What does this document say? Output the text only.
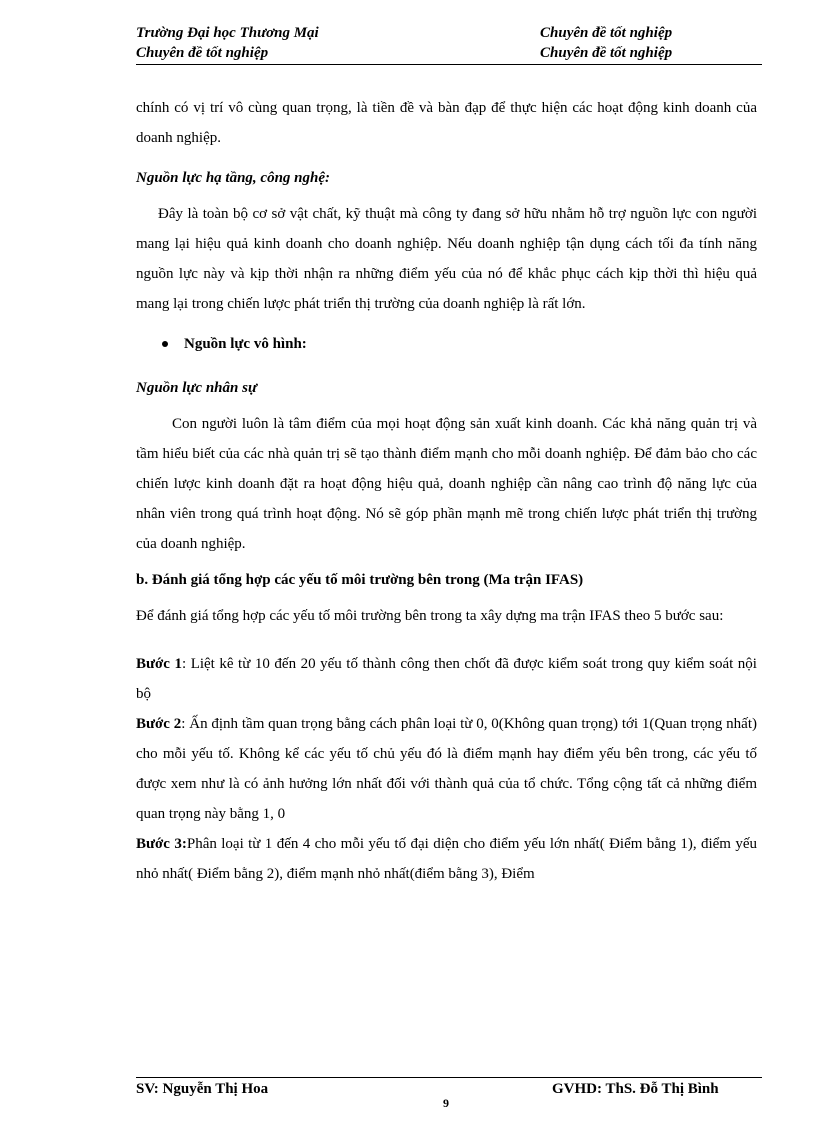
Trường Đại học Thương Mại	Chuyên đề tốt nghiệp
Chuyên đề tốt nghiệp	Chuyên đề tốt nghiệp

chính có vị trí vô cùng quan trọng, là tiền đề và bàn đạp để thực hiện các hoạt động kinh doanh của doanh nghiệp.

Nguồn lực hạ tầng, công nghệ:

Đây là toàn bộ cơ sở vật chất, kỹ thuật mà công ty đang sở hữu nhằm hỗ trợ nguồn lực con người mang lại hiệu quả kinh doanh cho doanh nghiệp. Nếu doanh nghiệp tận dụng cách tối đa tính năng nguồn lực này và kịp thời nhận ra những điểm yếu của nó để khắc phục cách kịp thời thì hiệu quả mang lại trong chiến lược phát triển thị trường của doanh nghiệp là rất lớn.

Nguồn lực vô hình:

Nguồn lực nhân sự

Con người luôn là tâm điểm của mọi hoạt động sản xuất kinh doanh. Các khả năng quản trị và tầm hiểu biết của các nhà quản trị sẽ tạo thành điểm mạnh cho mỗi doanh nghiệp. Để đảm bảo cho các chiến lược kinh doanh đặt ra hoạt động hiệu quả, doanh nghiệp cần nâng cao trình độ năng lực của nhân viên trong quá trình hoạt động. Nó sẽ góp phần mạnh mẽ trong chiến lược phát triển thị trường của doanh nghiệp.

b. Đánh giá tổng hợp các yếu tố môi trường bên trong (Ma trận IFAS)

Để đánh giá tổng hợp các yếu tố môi trường bên trong ta xây dựng ma trận IFAS theo 5 bước sau:

Bước 1: Liệt kê từ 10 đến 20 yếu tố thành công then chốt đã được kiểm soát trong quy kiểm soát nội bộ

Bước 2: Ấn định tầm quan trọng bằng cách phân loại từ 0, 0(Không quan trọng) tới 1(Quan trọng nhất) cho mỗi yếu tố. Không kể các yếu tố chủ yếu đó là điểm mạnh hay điểm yếu bên trong, các yếu tố được xem như là có ảnh hưởng lớn nhất đối với thành quả của tổ chức. Tổng cộng tất cả những điểm quan trọng này bằng 1, 0

Bước 3:Phân loại từ 1 đến 4 cho mỗi yếu tố đại diện cho điểm yếu lớn nhất( Điểm bằng 1), điểm yếu nhỏ nhất( Điểm bằng 2), điểm mạnh nhỏ nhất(điểm bằng 3), Điểm

SV: Nguyễn Thị Hoa
9
GVHD: ThS. Đỗ Thị Bình
